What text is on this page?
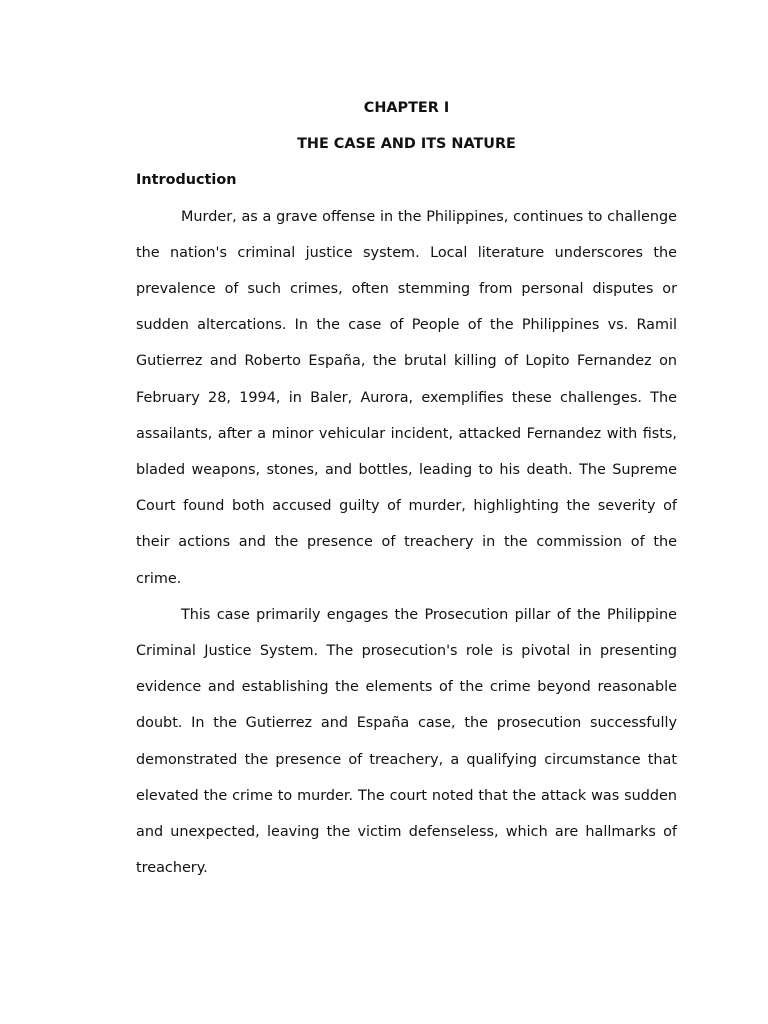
CHAPTER I

THE CASE AND ITS NATURE

Introduction

Murder, as a grave offense in the Philippines, continues to challenge the nation's criminal justice system. Local literature underscores the prevalence of such crimes, often stemming from personal disputes or sudden altercations. In the case of People of the Philippines vs. Ramil Gutierrez and Roberto España, the brutal killing of Lopito Fernandez on February 28, 1994, in Baler, Aurora, exemplifies these challenges. The assailants, after a minor vehicular incident, attacked Fernandez with fists, bladed weapons, stones, and bottles, leading to his death. The Supreme Court found both accused guilty of murder, highlighting the severity of their actions and the presence of treachery in the commission of the crime.

This case primarily engages the Prosecution pillar of the Philippine Criminal Justice System. The prosecution's role is pivotal in presenting evidence and establishing the elements of the crime beyond reasonable doubt. In the Gutierrez and España case, the prosecution successfully demonstrated the presence of treachery, a qualifying circumstance that elevated the crime to murder. The court noted that the attack was sudden and unexpected, leaving the victim defenseless, which are hallmarks of treachery.
